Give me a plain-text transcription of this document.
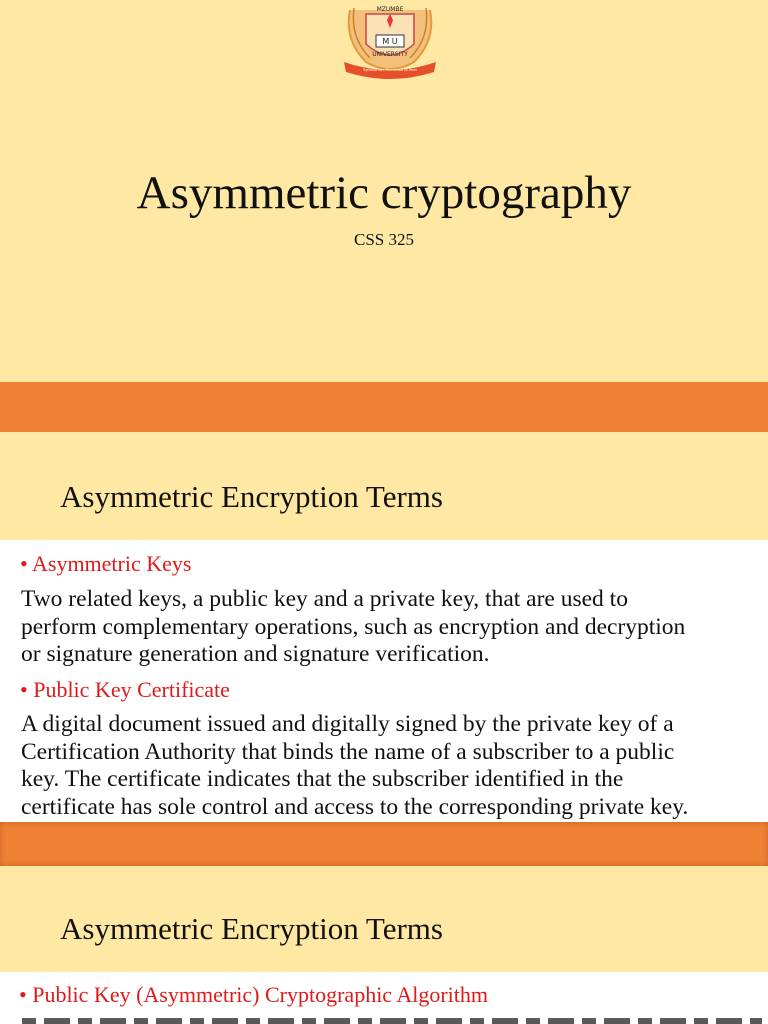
M U
MZUMBE
UNIVERSITY
Tujifunze kwa Maendeleo ya Watu
Asymmetric cryptography
CSS 325
Asymmetric Encryption Terms
• Asymmetric Keys
Two related keys, a public key and a private key, that are used to
perform complementary operations, such as encryption and decryption
or signature generation and signature verification.
• Public Key Certificate
A digital document issued and digitally signed by the private key of a
Certification Authority that binds the name of a subscriber to a public
key. The certificate indicates that the subscriber identified in the
certificate has sole control and access to the corresponding private key.
Asymmetric Encryption Terms
• Public Key (Asymmetric) Cryptographic Algorithm
